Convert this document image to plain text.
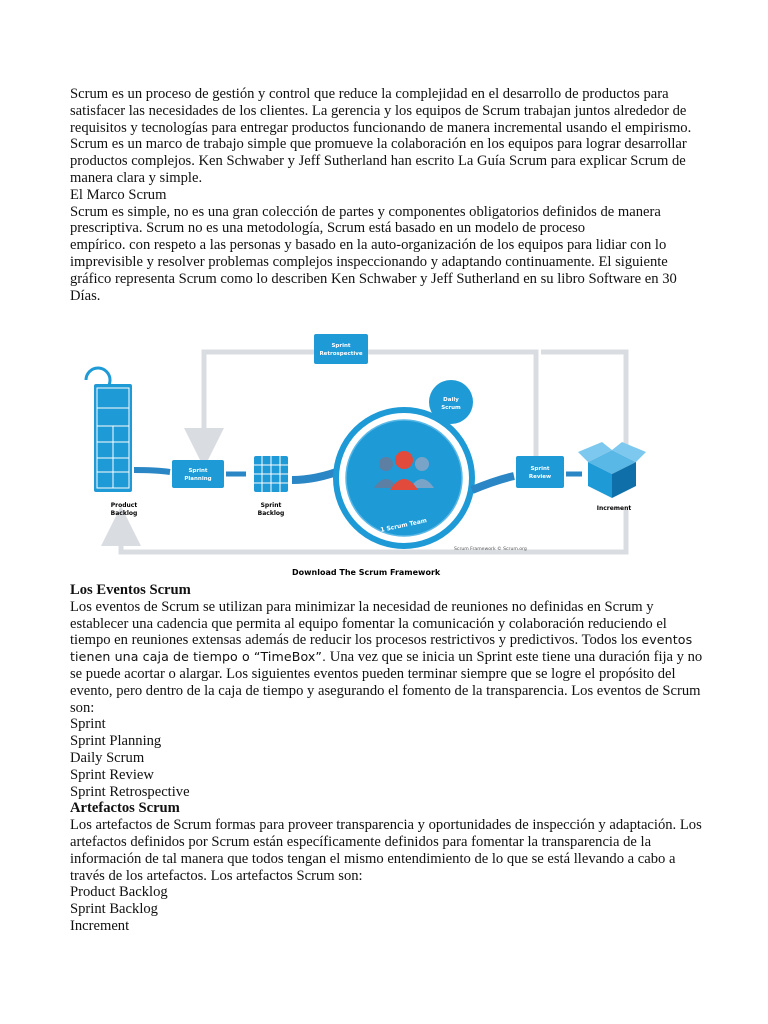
Scrum es un proceso de gestión y control que reduce la complejidad en el desarrollo de productos para satisfacer las necesidades de los clientes. La gerencia y los equipos de Scrum trabajan juntos alrededor de requisitos y tecnologías para entregar productos funcionando de manera incremental usando el empirismo.

Scrum es un marco de trabajo simple que promueve la colaboración en los equipos para lograr desarrollar productos complejos. Ken Schwaber y Jeff Sutherland han escrito La Guía Scrum para explicar Scrum de manera clara y simple.

El Marco Scrum

Scrum es simple, no es una gran colección de partes y componentes obligatorios definidos de manera prescriptiva. Scrum no es una metodología, Scrum está basado en un modelo de proceso

empírico. con respeto a las personas y basado en la auto-organización de los equipos para lidiar con lo imprevisible y resolver problemas complejos inspeccionando y adaptando continuamente. El siguiente gráfico representa Scrum como lo describen Ken Schwaber y Jeff Sutherland en su libro Software en 30 Días.

Product
Backlog
Sprint
Planning
Sprint
Backlog
Sprint
Retrospective
1 Scrum Team
Daily
Scrum
Sprint
Review
Increment
Scrum Framework © Scrum.org
Download The Scrum Framework

Los Eventos Scrum

Los eventos de Scrum se utilizan para minimizar la necesidad de reuniones no definidas en Scrum y establecer una cadencia que permita al equipo fomentar la comunicación y colaboración reduciendo el tiempo en reuniones extensas además de reducir los procesos restrictivos y predictivos. Todos los eventos tienen una caja de tiempo o “TimeBox”. Una vez que se inicia un Sprint este tiene una duración fija y no se puede acortar o alargar. Los siguientes eventos pueden terminar siempre que se logre el propósito del evento, pero dentro de la caja de tiempo y asegurando el fomento de la transparencia. Los eventos de Scrum son:

Sprint

Sprint Planning

Daily Scrum

Sprint Review

Sprint Retrospective

Artefactos Scrum

Los artefactos de Scrum formas para proveer transparencia y oportunidades de inspección y adaptación. Los artefactos definidos por Scrum están específicamente definidos para fomentar la transparencia de la información de tal manera que todos tengan el mismo entendimiento de lo que se está llevando a cabo a través de los artefactos. Los artefactos Scrum son:

Product Backlog

Sprint Backlog

Increment
